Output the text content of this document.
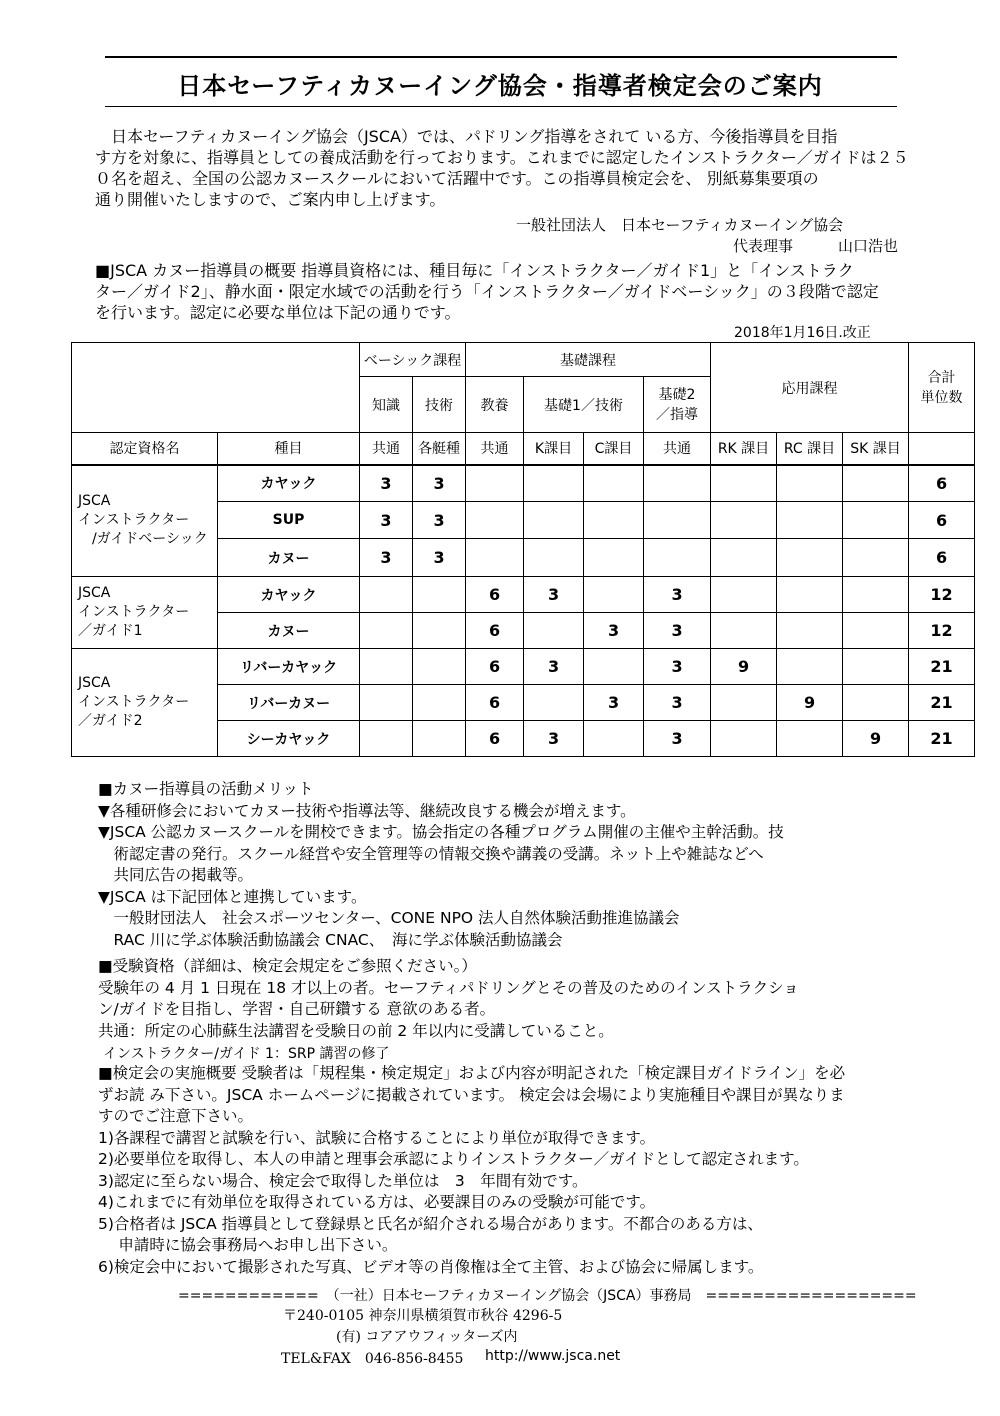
日本セーフティカヌーイング協会・指導者検定会のご案内
　日本セーフティカヌーイング協会（JSCA）では、パドリング指導をされて いる方、今後指導員を目指
す方を対象に、指導員としての養成活動を行っております。これまでに認定したインストラクター／ガイドは２５
０名を超え、全国の公認カヌースクールにおいて活躍中です。この指導員検定会を、 別紙募集要項の
通り開催いたしますので、ご案内申し上げます。
一般社団法人　日本セーフティカヌーイング協会
代表理事	山口浩也
■JSCA カヌー指導員の概要 指導員資格には、種目毎に「インストラクター／ガイド1」と「インストラク
ター／ガイド2」、静水面・限定水域での活動を行う「インストラクター／ガイドベーシック」の３段階で認定
を行います。認定に必要な単位は下記の通りです。
2018年1月16日.改正
		ベーシック課程		基礎課程				応用課程			合計
単位数
		知識	技術	教養	基礎1／技術		基礎2
／指導				
認定資格名	種目	共通	各艇種	共通	K課目	C課目	共通	RK 課目	RC 課目	SK 課目	
JSCA
インストラクター
　/ガイドベーシック	カヤック	3	3								6
	SUP	3	3								6
	カヌー	3	3								6
JSCA
インストラクター
／ガイド1	カヤック			6	3		3				12
	カヌー			6		3	3				12
JSCA
インストラクター
／ガイド2	リバーカヤック			6	3		3	9			21
	リバーカヌー			6		3	3		9		21
	シーカヤック			6	3		3			9	21
■カヌー指導員の活動メリット
▼各種研修会においてカヌー技術や指導法等、継続改良する機会が増えます。
▼JSCA 公認カヌースクールを開校できます。協会指定の各種プログラム開催の主催や主幹活動。技
　術認定書の発行。スクール経営や安全管理等の情報交換や講義の受講。ネット上や雑誌などへ
　共同広告の掲載等。
▼JSCA は下記団体と連携しています。
　一般財団法人　社会スポーツセンター、CONE NPO 法人自然体験活動推進協議会
　RAC 川に学ぶ体験活動協議会 CNAC、　海に学ぶ体験活動協議会
■受験資格（詳細は、検定会規定をご参照ください。）
受験年の 4 月 1 日現在 18 才以上の者。セーフティパドリングとその普及のためのインストラクショ
ン/ガイドを目指し、学習・自己研鑽する 意欲のある者。
共通：所定の心肺蘇生法講習を受験日の前 2 年以内に受講していること。
インストラクター/ガイド 1：SRP 講習の修了
■検定会の実施概要 受験者は「規程集・検定規定」および内容が明記された「検定課目ガイドライン」を必
ずお読 み下さい。JSCA ホームページに掲載されています。 検定会は会場により実施種目や課目が異なりま
すのでご注意下さい。
1)各課程で講習と試験を行い、試験に合格することにより単位が取得できます。
2)必要単位を取得し、本人の申請と理事会承認によりインストラクター／ガイドとして認定されます。
3)認定に至らない場合、検定会で取得した単位は　3　年間有効です。
4)これまでに有効単位を取得されている方は、必要課目のみの受験が可能です。
5)合格者は JSCA 指導員として登録県と氏名が紹介される場合があります。不都合のある方は、
　 申請時に協会事務局へお申し出下さい。
6)検定会中において撮影された写真、ビデオ等の肖像権は全て主管、および協会に帰属します。
============　（一社）日本セーフティカヌーイング協会（JSCA）事務局　==================
〒240-0105 神奈川県横須賀市秋谷 4296-5
(有) コアアウフィッターズ内
TEL&FAX　046-856-8455 http://www.jsca.net
